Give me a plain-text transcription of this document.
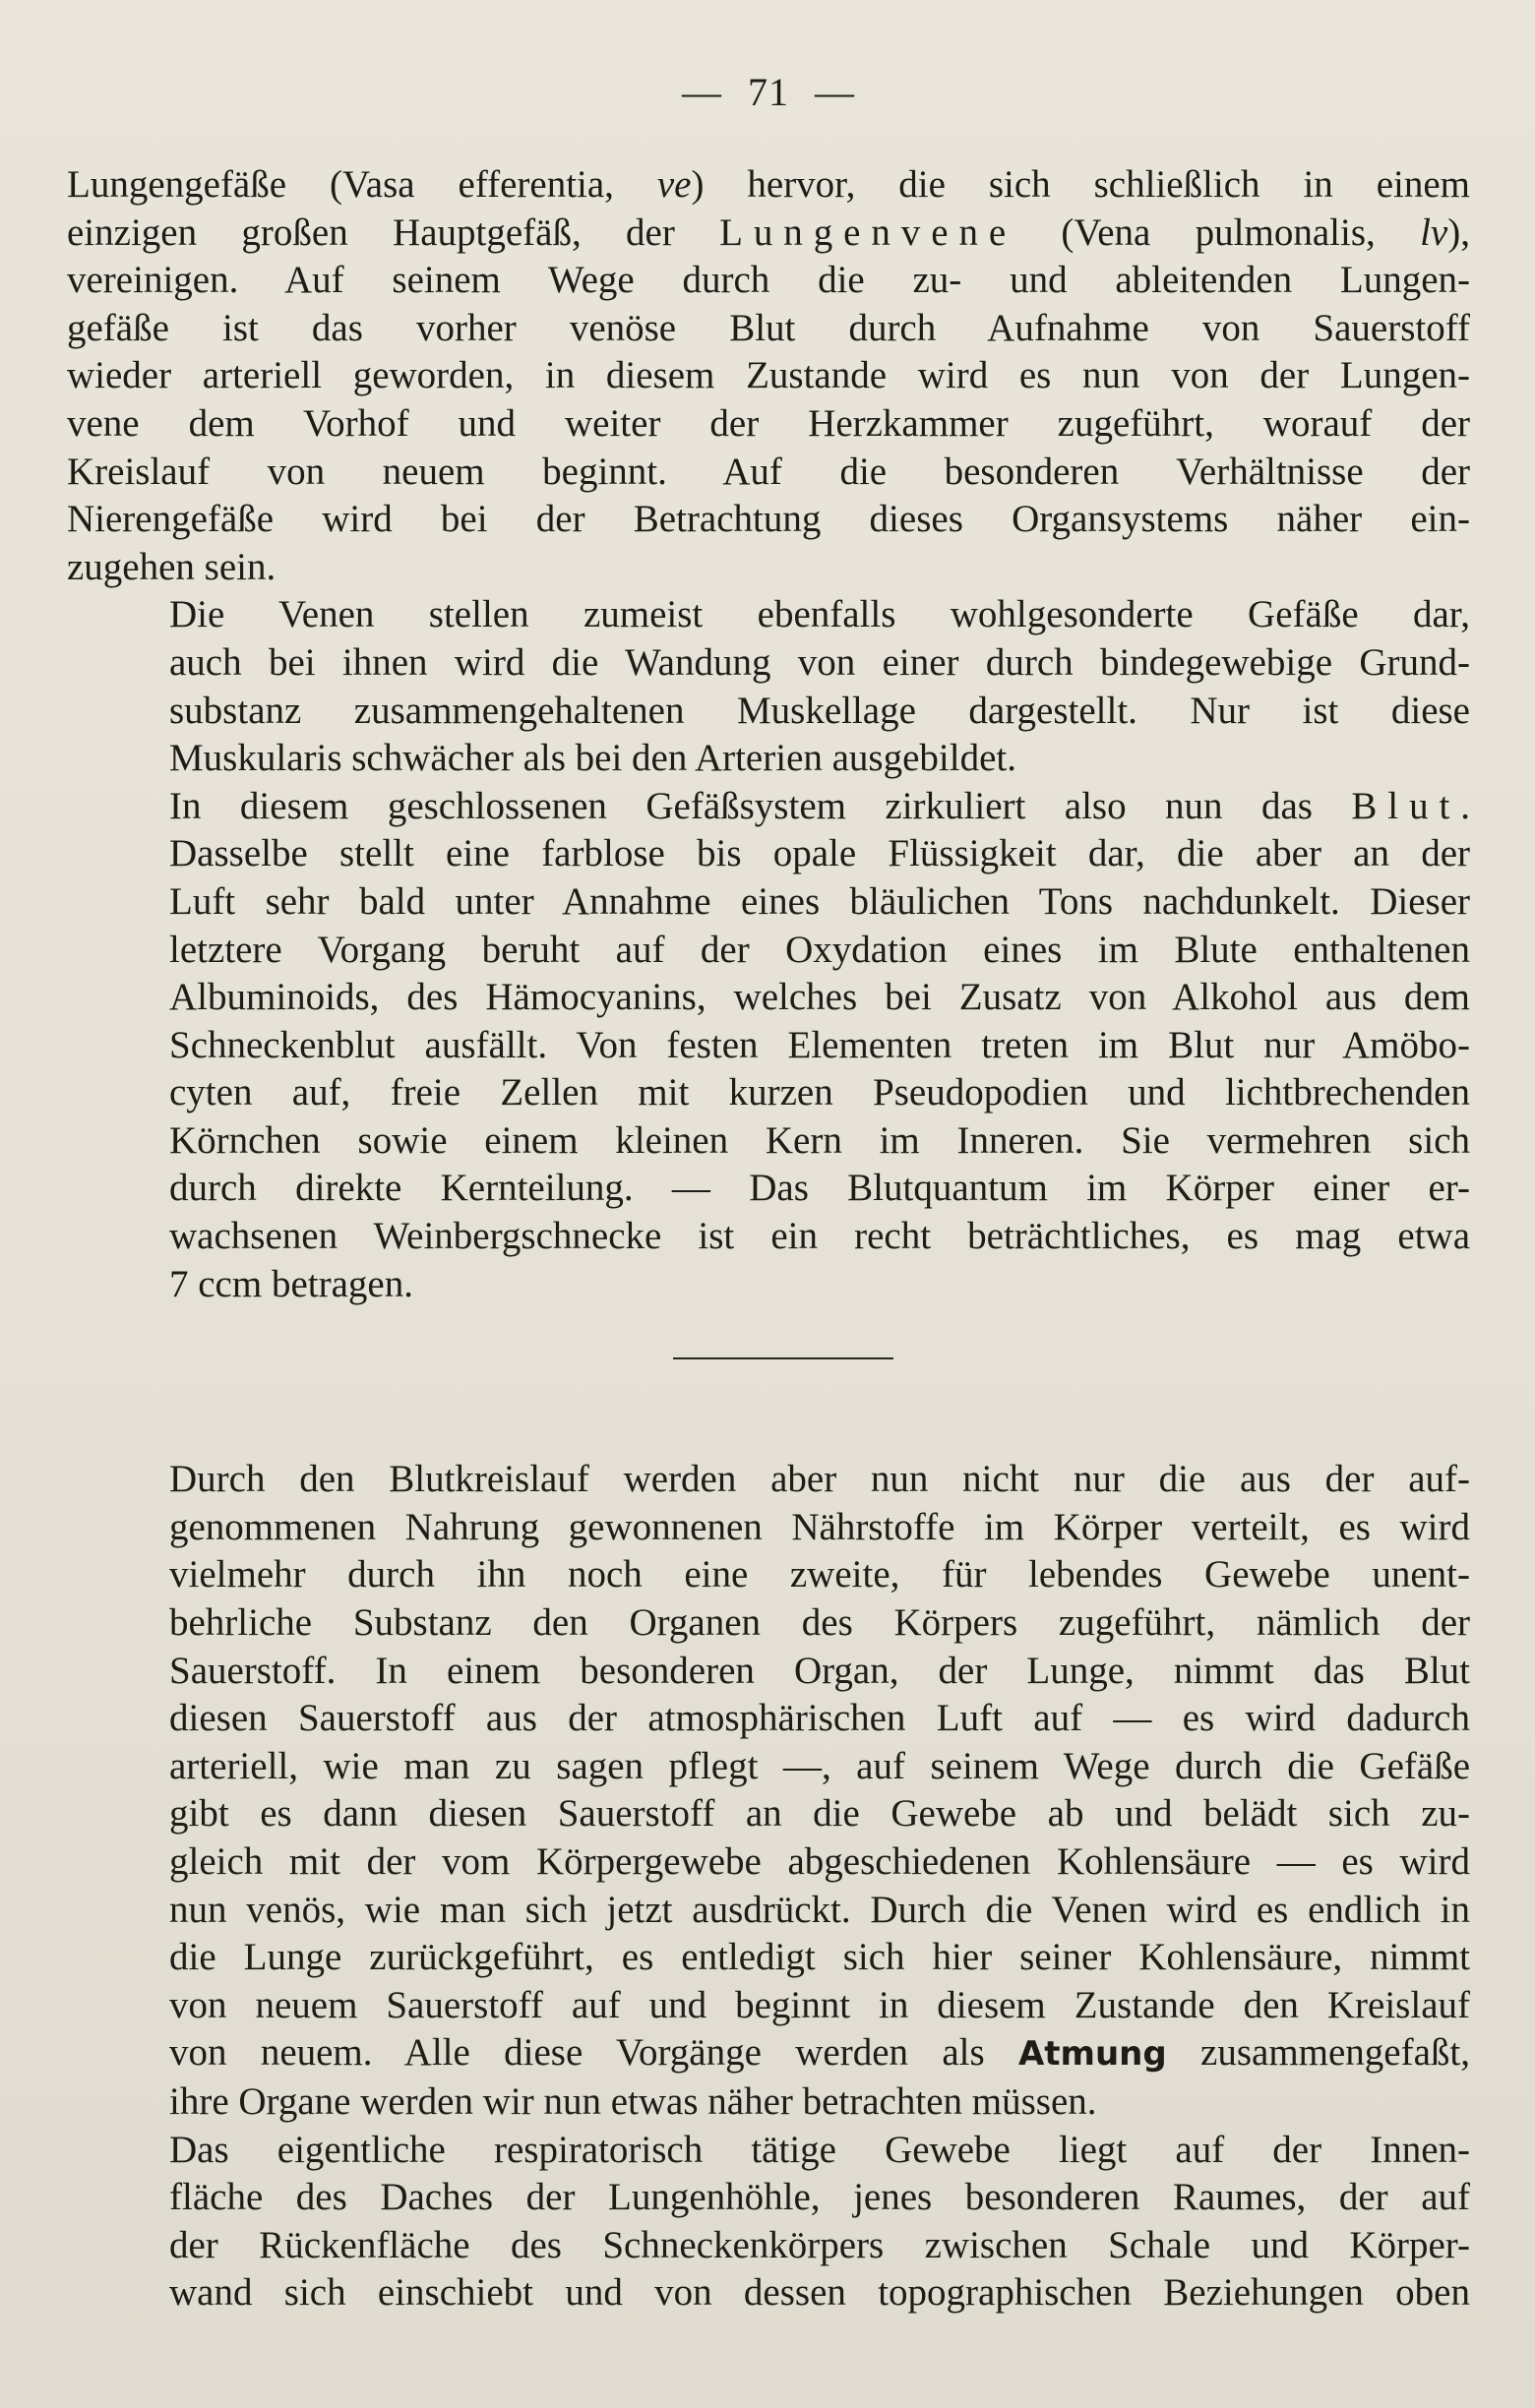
— 71 —

Lungengefäße (Vasa efferentia, ve) hervor, die sich schließlich in einem
einzigen großen Hauptgefäß, der Lungenvene (Vena pulmonalis, lv),
vereinigen. Auf seinem Wege durch die zu- und ableitenden Lungen-
gefäße ist das vorher venöse Blut durch Aufnahme von Sauerstoff
wieder arteriell geworden, in diesem Zustande wird es nun von der Lungen-
vene dem Vorhof und weiter der Herzkammer zugeführt, worauf der
Kreislauf von neuem beginnt. Auf die besonderen Verhältnisse der
Nierengefäße wird bei der Betrachtung dieses Organsystems näher ein-
zugehen sein.

Die Venen stellen zumeist ebenfalls wohlgesonderte Gefäße dar,
auch bei ihnen wird die Wandung von einer durch bindegewebige Grund-
substanz zusammengehaltenen Muskellage dargestellt. Nur ist diese
Muskularis schwächer als bei den Arterien ausgebildet.

In diesem geschlossenen Gefäßsystem zirkuliert also nun das Blut.
Dasselbe stellt eine farblose bis opale Flüssigkeit dar, die aber an der
Luft sehr bald unter Annahme eines bläulichen Tons nachdunkelt. Dieser
letztere Vorgang beruht auf der Oxydation eines im Blute enthaltenen
Albuminoids, des Hämocyanins, welches bei Zusatz von Alkohol aus dem
Schneckenblut ausfällt. Von festen Elementen treten im Blut nur Amöbo-
cyten auf, freie Zellen mit kurzen Pseudopodien und lichtbrechenden
Körnchen sowie einem kleinen Kern im Inneren. Sie vermehren sich
durch direkte Kernteilung. — Das Blutquantum im Körper einer er-
wachsenen Weinbergschnecke ist ein recht beträchtliches, es mag etwa
7 ccm betragen.

Durch den Blutkreislauf werden aber nun nicht nur die aus der auf-
genommenen Nahrung gewonnenen Nährstoffe im Körper verteilt, es wird
vielmehr durch ihn noch eine zweite, für lebendes Gewebe unent-
behrliche Substanz den Organen des Körpers zugeführt, nämlich der
Sauerstoff. In einem besonderen Organ, der Lunge, nimmt das Blut
diesen Sauerstoff aus der atmosphärischen Luft auf — es wird dadurch
arteriell, wie man zu sagen pflegt —, auf seinem Wege durch die Gefäße
gibt es dann diesen Sauerstoff an die Gewebe ab und belädt sich zu-
gleich mit der vom Körpergewebe abgeschiedenen Kohlensäure — es wird
nun venös, wie man sich jetzt ausdrückt. Durch die Venen wird es endlich in
die Lunge zurückgeführt, es entledigt sich hier seiner Kohlensäure, nimmt
von neuem Sauerstoff auf und beginnt in diesem Zustande den Kreislauf
von neuem. Alle diese Vorgänge werden als Atmung zusammengefaßt,
ihre Organe werden wir nun etwas näher betrachten müssen.

Das eigentliche respiratorisch tätige Gewebe liegt auf der Innen-
fläche des Daches der Lungenhöhle, jenes besonderen Raumes, der auf
der Rückenfläche des Schneckenkörpers zwischen Schale und Körper-
wand sich einschiebt und von dessen topographischen Beziehungen oben
